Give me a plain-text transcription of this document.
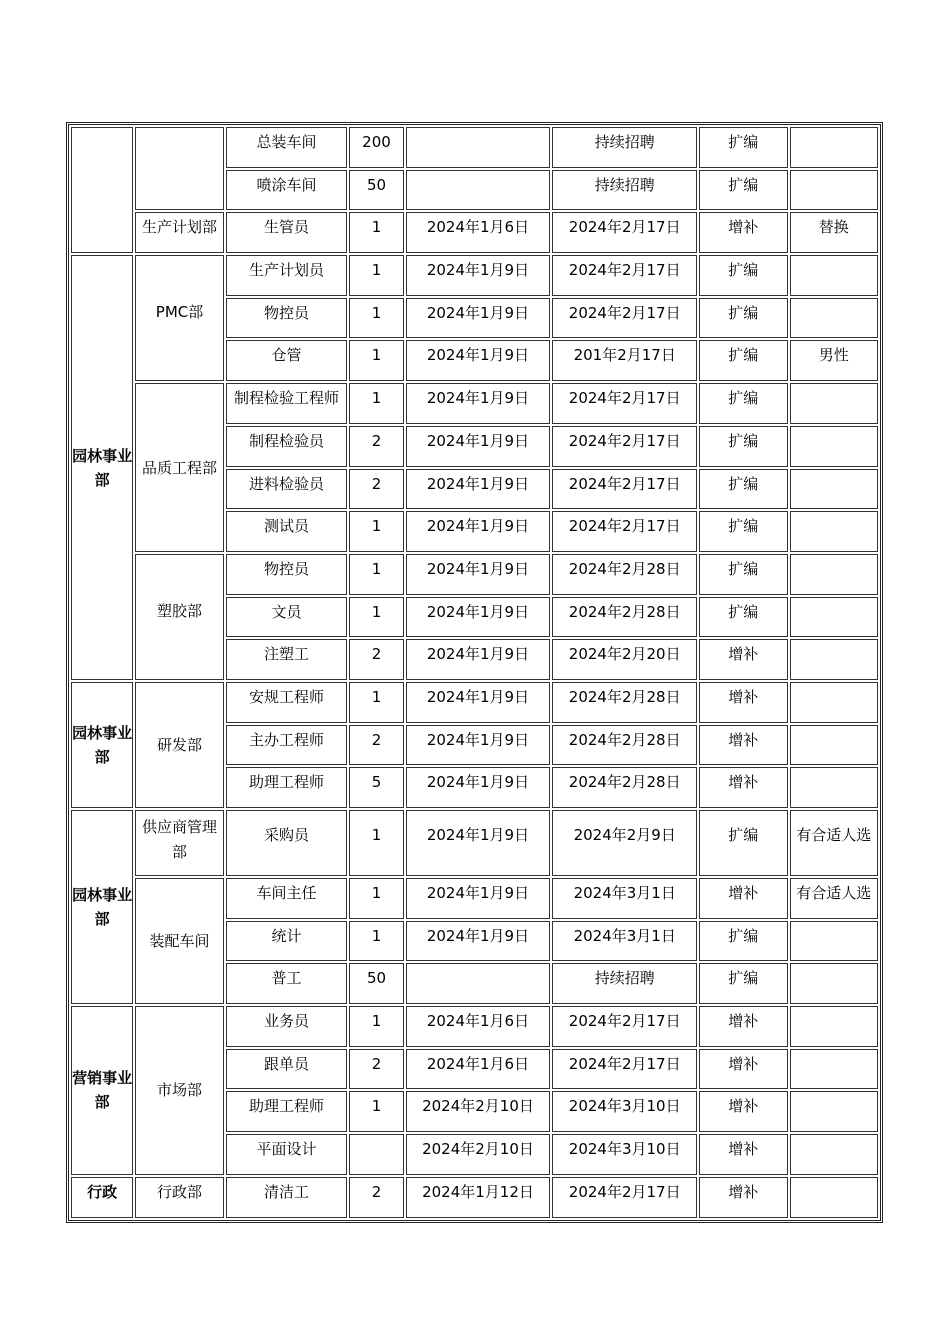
		总装车间	200		持续招聘	扩编	
		喷涂车间	50		持续招聘	扩编	
	生产计划部	生管员	1	2024年1月6日	2024年2月17日	增补	替换
园林事业部	PMC部	生产计划员	1	2024年1月9日	2024年2月17日	扩编	
		物控员	1	2024年1月9日	2024年2月17日	扩编	
		仓管	1	2024年1月9日	201年2月17日	扩编	男性
	品质工程部	制程检验工程师	1	2024年1月9日	2024年2月17日	扩编	
		制程检验员	2	2024年1月9日	2024年2月17日	扩编	
		进料检验员	2	2024年1月9日	2024年2月17日	扩编	
		测试员	1	2024年1月9日	2024年2月17日	扩编	
	塑胶部	物控员	1	2024年1月9日	2024年2月28日	扩编	
		文员	1	2024年1月9日	2024年2月28日	扩编	
		注塑工	2	2024年1月9日	2024年2月20日	增补	
园林事业部	研发部	安规工程师	1	2024年1月9日	2024年2月28日	增补	
		主办工程师	2	2024年1月9日	2024年2月28日	增补	
		助理工程师	5	2024年1月9日	2024年2月28日	增补	
园林事业部	供应商管理部	采购员	1	2024年1月9日	2024年2月9日	扩编	有合适人选
	装配车间	车间主任	1	2024年1月9日	2024年3月1日	增补	有合适人选
		统计	1	2024年1月9日	2024年3月1日	扩编	
		普工	50		持续招聘	扩编	
营销事业部	市场部	业务员	1	2024年1月6日	2024年2月17日	增补	
		跟单员	2	2024年1月6日	2024年2月17日	增补	
		助理工程师	1	2024年2月10日	2024年3月10日	增补	
		平面设计		2024年2月10日	2024年3月10日	增补	
行政	行政部	清洁工	2	2024年1月12日	2024年2月17日	增补	
